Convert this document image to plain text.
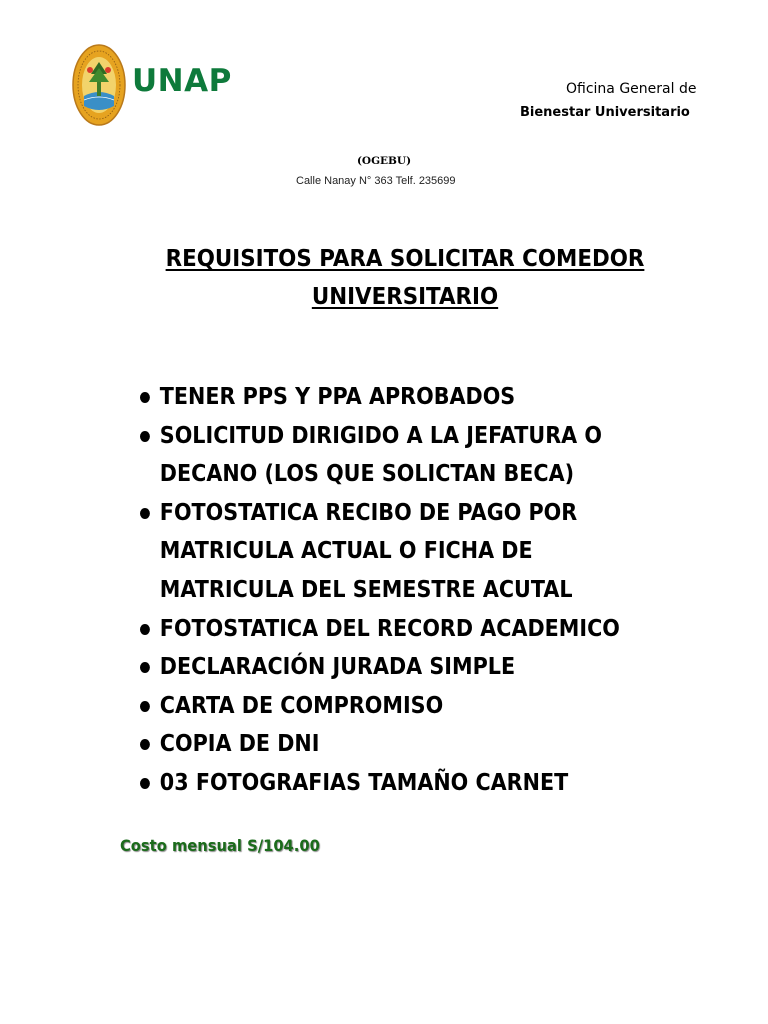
UNAP	Oficina General de
Bienestar Universitario
(OGEBU)
Calle Nanay N° 363 Telf. 235699
REQUISITOS PARA SOLICITAR COMEDOR
UNIVERSITARIO
TENER PPS Y PPA APROBADOS
SOLICITUD DIRIGIDO A LA JEFATURA O
DECANO (LOS QUE SOLICTAN BECA)
FOTOSTATICA RECIBO DE PAGO POR
MATRICULA ACTUAL O FICHA DE
MATRICULA DEL SEMESTRE ACUTAL
FOTOSTATICA DEL RECORD ACADEMICO
DECLARACIÓN JURADA SIMPLE
CARTA DE COMPROMISO
COPIA DE DNI
03 FOTOGRAFIAS TAMAÑO CARNET
Costo mensual S/104.00
